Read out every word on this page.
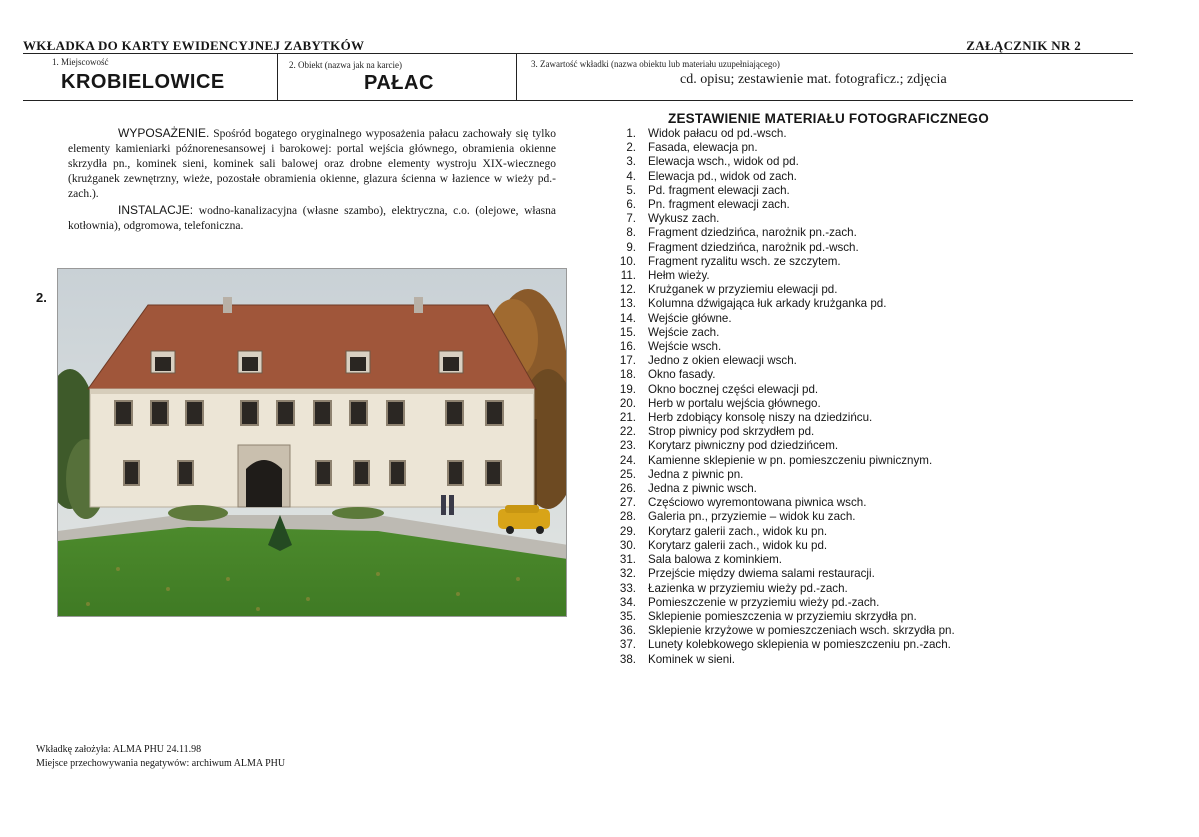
WKŁADKA DO KARTY EWIDENCYJNEJ ZABYTKÓW	ZAŁĄCZNIK NR 2
1. Miejscowość
KROBIELOWICE
2. Obiekt (nazwa jak na karcie)
PAŁAC
3. Zawartość wkładki (nazwa obiektu lub materiału uzupełniającego)
cd. opisu; zestawienie mat. fotograficz.; zdjęcia
WYPOSAŻENIE. Spośród bogatego oryginalnego wyposażenia pałacu zachowały się tylko elementy kamieniarki późnorenesansowej i barokowej: portal wejścia głównego, obramienia okienne skrzydła pn., kominek sieni, kominek sali balowej oraz drobne elementy wystroju XIX-wiecznego (krużganek zewnętrzny, wieże, pozostałe obramienia okienne, glazura ścienna w łazience w wieży pd.-zach.).
INSTALACJE: wodno-kanalizacyjna (własne szambo), elektryczna, c.o. (olejowe, własna kotłownia), odgromowa, telefoniczna.
2.
ZESTAWIENIE MATERIAŁU FOTOGRAFICZNEGO
1. Widok pałacu od pd.-wsch.
2. Fasada, elewacja pn.
3. Elewacja wsch., widok od pd.
4. Elewacja pd., widok od zach.
5. Pd. fragment elewacji zach.
6. Pn. fragment elewacji zach.
7. Wykusz zach.
8. Fragment dziedzińca, narożnik pn.-zach.
9. Fragment dziedzińca, narożnik pd.-wsch.
10. Fragment ryzalitu wsch. ze szczytem.
11. Hełm wieży.
12. Krużganek w przyziemiu elewacji pd.
13. Kolumna dźwigająca łuk arkady krużganka pd.
14. Wejście główne.
15. Wejście zach.
16. Wejście wsch.
17. Jedno z okien elewacji wsch.
18. Okno fasady.
19. Okno bocznej części elewacji pd.
20. Herb w portalu wejścia głównego.
21. Herb zdobiący konsolę niszy na dziedzińcu.
22. Strop piwnicy pod skrzydłem pd.
23. Korytarz piwniczny pod dziedzińcem.
24. Kamienne sklepienie w pn. pomieszczeniu piwnicznym.
25. Jedna z piwnic pn.
26. Jedna z piwnic wsch.
27. Częściowo wyremontowana piwnica wsch.
28. Galeria pn., przyziemie – widok ku zach.
29. Korytarz galerii zach., widok ku pn.
30. Korytarz galerii zach., widok ku pd.
31. Sala balowa z kominkiem.
32. Przejście między dwiema salami restauracji.
33. Łazienka w przyziemiu wieży pd.-zach.
34. Pomieszczenie w przyziemiu wieży pd.-zach.
35. Sklepienie pomieszczenia w przyziemiu skrzydła pn.
36. Sklepienie krzyżowe w pomieszczeniach wsch. skrzydła pn.
37. Lunety kolebkowego sklepienia w pomieszczeniu pn.-zach.
38. Kominek w sieni.
Wkładkę założyła: ALMA PHU 24.11.98
Miejsce przechowywania negatywów: archiwum ALMA PHU
